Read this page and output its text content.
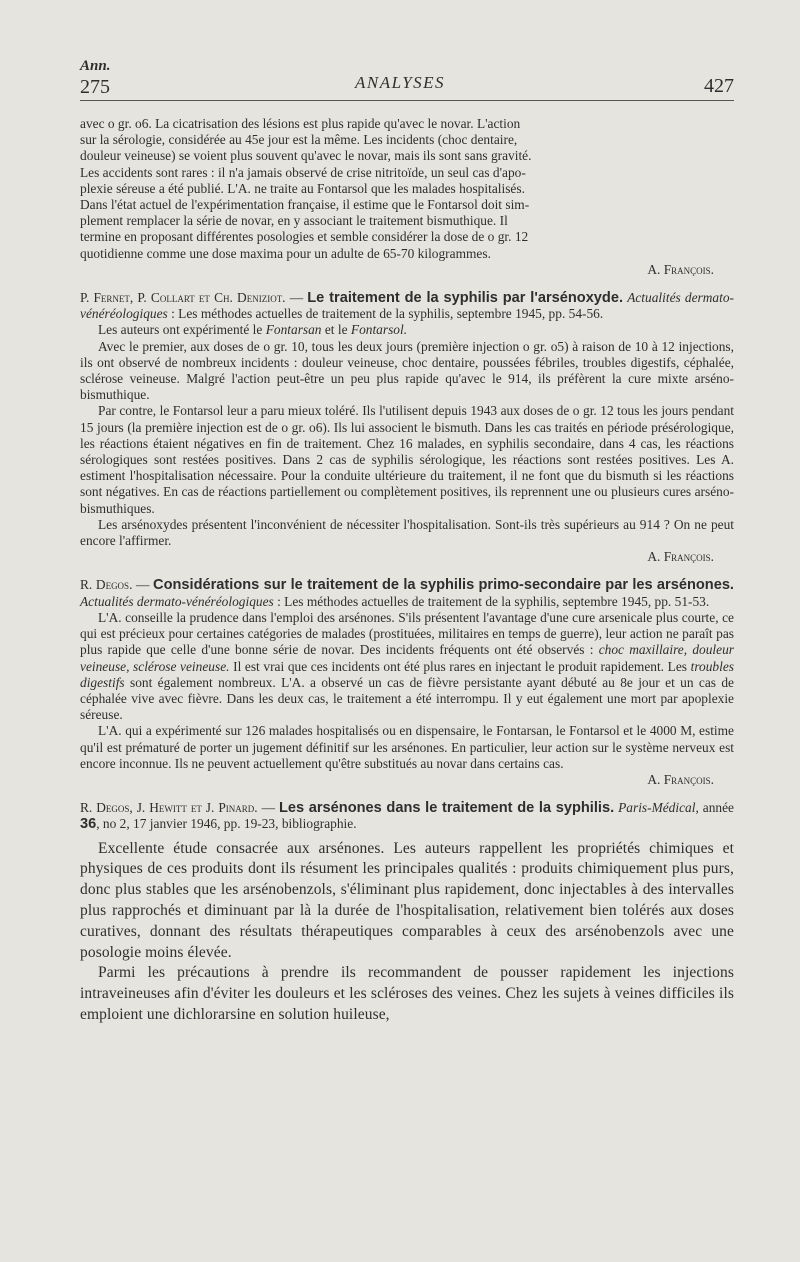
Ann.
275	ANALYSES	427
avec o gr. o6. La cicatrisation des lésions est plus rapide qu'avec le novar. L'action
sur la sérologie, considérée au 45e jour est la même. Les incidents (choc dentaire,
douleur veineuse) se voient plus souvent qu'avec le novar, mais ils sont sans gravité.
Les accidents sont rares : il n'a jamais observé de crise nitritoïde, un seul cas d'apo-
plexie séreuse a été publié. L'A. ne traite au Fontarsol que les malades hospitalisés.
Dans l'état actuel de l'expérimentation française, il estime que le Fontarsol doit sim-
plement remplacer la série de novar, en y associant le traitement bismuthique. Il
termine en proposant différentes posologies et semble considérer la dose de o gr. 12
quotidienne comme une dose maxima pour un adulte de 65-70 kilogrammes.

A. François.

P. Fernet, P. Collart et Ch. Deniziot. — Le traitement de la syphilis par l'arsénoxyde. Actualités dermato-vénéréologiques : Les méthodes actuelles de traitement de la syphilis, septembre 1945, pp. 54-56.

Les auteurs ont expérimenté le Fontarsan et le Fontarsol.

Avec le premier, aux doses de o gr. 10, tous les deux jours (première injection o gr. o5) à raison de 10 à 12 injections, ils ont observé de nombreux incidents : douleur veineuse, choc dentaire, poussées fébriles, troubles digestifs, céphalée, sclérose veineuse. Malgré l'action peut-être un peu plus rapide qu'avec le 914, ils préfèrent la cure mixte arséno-bismuthique.

Par contre, le Fontarsol leur a paru mieux toléré. Ils l'utilisent depuis 1943 aux doses de o gr. 12 tous les jours pendant 15 jours (la première injection est de o gr. o6). Ils lui associent le bismuth. Dans les cas traités en période présérologique, les réactions étaient négatives en fin de traitement. Chez 16 malades, en syphilis secondaire, dans 4 cas, les réactions sérologiques sont restées positives. Dans 2 cas de syphilis sérologique, les réactions sont restées positives. Les A. estiment l'hospitalisation nécessaire. Pour la conduite ultérieure du traitement, il ne font que du bismuth si les réactions sont négatives. En cas de réactions partiellement ou complètement positives, ils reprennent une ou plusieurs cures arséno-bismuthiques.

Les arsénoxydes présentent l'inconvénient de nécessiter l'hospitalisation. Sont-ils très supérieurs au 914 ? On ne peut encore l'affirmer.

A. François.

R. Degos. — Considérations sur le traitement de la syphilis primo-secondaire par les arsénones. Actualités dermato-vénéréologiques : Les méthodes actuelles de traitement de la syphilis, septembre 1945, pp. 51-53.

L'A. conseille la prudence dans l'emploi des arsénones. S'ils présentent l'avantage d'une cure arsenicale plus courte, ce qui est précieux pour certaines catégories de malades (prostituées, militaires en temps de guerre), leur action ne paraît pas plus rapide que celle d'une bonne série de novar. Des incidents fréquents ont été observés : choc maxillaire, douleur veineuse, sclérose veineuse. Il est vrai que ces incidents ont été plus rares en injectant le produit rapidement. Les troubles digestifs sont également nombreux. L'A. a observé un cas de fièvre persistante ayant débuté au 8e jour et un cas de céphalée vive avec fièvre. Dans les deux cas, le traitement a été interrompu. Il y eut également une mort par apoplexie séreuse.

L'A. qui a expérimenté sur 126 malades hospitalisés ou en dispensaire, le Fontarsan, le Fontarsol et le 4000 M, estime qu'il est prématuré de porter un jugement définitif sur les arsénones. En particulier, leur action sur le système nerveux est encore inconnue. Ils ne peuvent actuellement qu'être substitués au novar dans certains cas.

A. François.

R. Degos, J. Hewitt et J. Pinard. — Les arsénones dans le traitement de la syphilis. Paris-Médical, année 36, no 2, 17 janvier 1946, pp. 19-23, bibliographie.

Excellente étude consacrée aux arsénones. Les auteurs rappellent les propriétés chimiques et physiques de ces produits dont ils résument les principales qualités : produits chimiquement plus purs, donc plus stables que les arsénobenzols, s'éliminant plus rapidement, donc injectables à des intervalles plus rapprochés et diminuant par là la durée de l'hospitalisation, relativement bien tolérés aux doses curatives, donnant des résultats thérapeutiques comparables à ceux des arsénobenzols avec une posologie moins élevée.

Parmi les précautions à prendre ils recommandent de pousser rapidement les injections intraveineuses afin d'éviter les douleurs et les scléroses des veines. Chez les sujets à veines difficiles ils emploient une dichlorarsine en solution huileuse,
